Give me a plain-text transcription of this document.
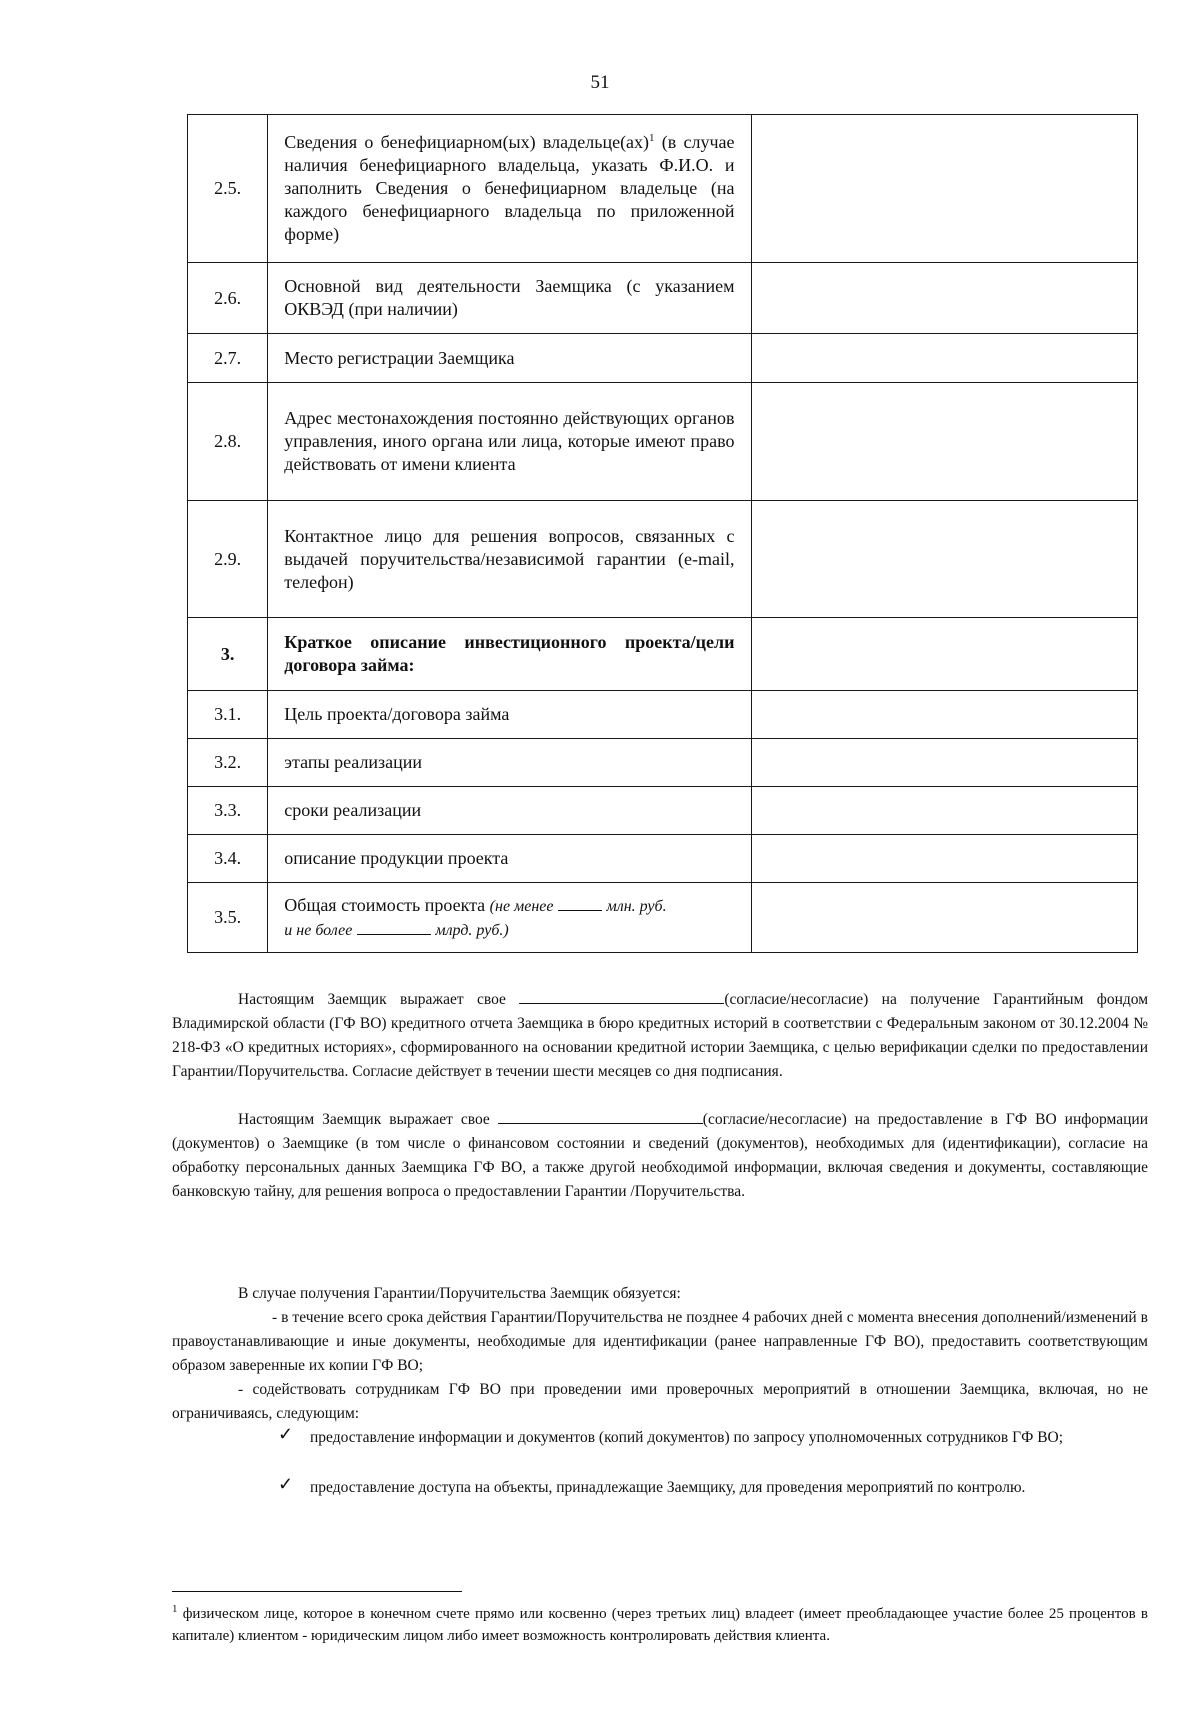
51
2.5.	Сведения о бенефициарном(ых) владельце(ах)$^1$ (в случае наличия бенефициарного владельца, указать Ф.И.О. и заполнить Сведения о бенефициарном владельце (на каждого бенефициарного владельца по приложенной форме)	
2.6.	Основной вид деятельности Заемщика (с указанием ОКВЭД (при наличии)	
2.7.	Место регистрации Заемщика	
2.8.	Адрес местонахождения постоянно действующих органов управления, иного органа или лица, которые имеют право действовать от имени клиента	
2.9.	Контактное лицо для решения вопросов, связанных с выдачей поручительства/независимой гарантии (e-mail, телефон)	
3.	Краткое описание инвестиционного проекта/цели договора займа:	
3.1.	Цель проекта/договора займа	
3.2.	этапы реализации	
3.3.	сроки реализации	
3.4.	описание продукции проекта	
3.5.	Общая стоимость проекта (не менее млн. руб.
и не более млрд. руб.)	
Настоящим Заемщик выражает свое	(согласие/несогласие) на получение Гарантийным фондом Владимирской области (ГФ ВО) кредитного отчета Заемщика в бюро кредитных историй в соответствии с Федеральным законом от 30.12.2004 № 218-ФЗ «О кредитных историях», сформированного на основании кредитной истории Заемщика, с целью верификации сделки по предоставлении Гарантии/Поручительства. Согласие действует в течении шести месяцев со дня подписания.
Настоящим Заемщик выражает свое	(согласие/несогласие) на предоставление в ГФ ВО информации (документов) о Заемщике (в том числе о финансовом состоянии и сведений (документов), необходимых для (идентификации), согласие на обработку персональных данных Заемщика ГФ ВО, а также другой необходимой информации, включая сведения и документы, составляющие банковскую тайну, для решения вопроса о предоставлении Гарантии /Поручительства.
В случае получения Гарантии/Поручительства Заемщик обязуется:
- в течение всего срока действия Гарантии/Поручительства не позднее 4 рабочих дней с момента внесения дополнений/изменений в правоустанавливающие и иные документы, необходимые для идентификации (ранее направленные ГФ ВО), предоставить соответствующим образом заверенные их копии ГФ ВО;
- содействовать сотрудникам ГФ ВО при проведении ими проверочных мероприятий в отношении Заемщика, включая, но не ограничиваясь, следующим:
✓ предоставление информации и документов (копий документов) по запросу уполномоченных сотрудников ГФ ВО;
✓ предоставление доступа на объекты, принадлежащие Заемщику, для проведения мероприятий по контролю.
$^1$ физическом лице, которое в конечном счете прямо или косвенно (через третьих лиц) владеет (имеет преобладающее участие более 25 процентов в капитале) клиентом - юридическим лицом либо имеет возможность контролировать действия клиента.
